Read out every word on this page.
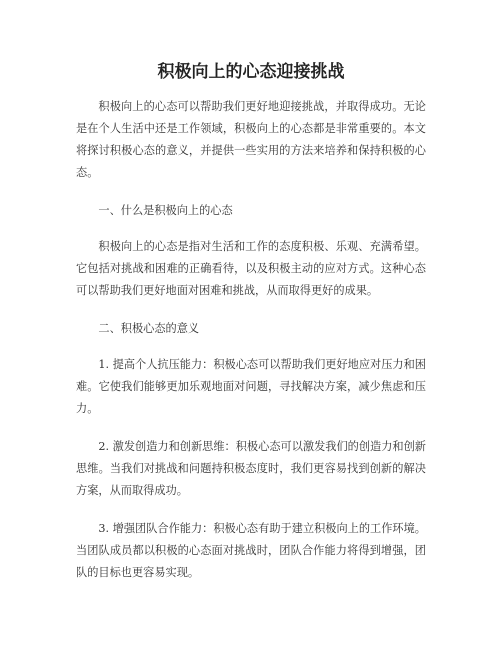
积极向上的心态迎接挑战

积极向上的心态可以帮助我们更好地迎接挑战，并取得成功。无论是在个人生活中还是工作领域，积极向上的心态都是非常重要的。本文将探讨积极心态的意义，并提供一些实用的方法来培养和保持积极的心态。

一、什么是积极向上的心态

积极向上的心态是指对生活和工作的态度积极、乐观、充满希望。它包括对挑战和困难的正确看待，以及积极主动的应对方式。这种心态可以帮助我们更好地面对困难和挑战，从而取得更好的成果。

二、积极心态的意义

1. 提高个人抗压能力：积极心态可以帮助我们更好地应对压力和困难。它使我们能够更加乐观地面对问题，寻找解决方案，减少焦虑和压力。

2. 激发创造力和创新思维：积极心态可以激发我们的创造力和创新思维。当我们对挑战和问题持积极态度时，我们更容易找到创新的解决方案，从而取得成功。

3. 增强团队合作能力：积极心态有助于建立积极向上的工作环境。当团队成员都以积极的心态面对挑战时，团队合作能力将得到增强，团队的目标也更容易实现。
